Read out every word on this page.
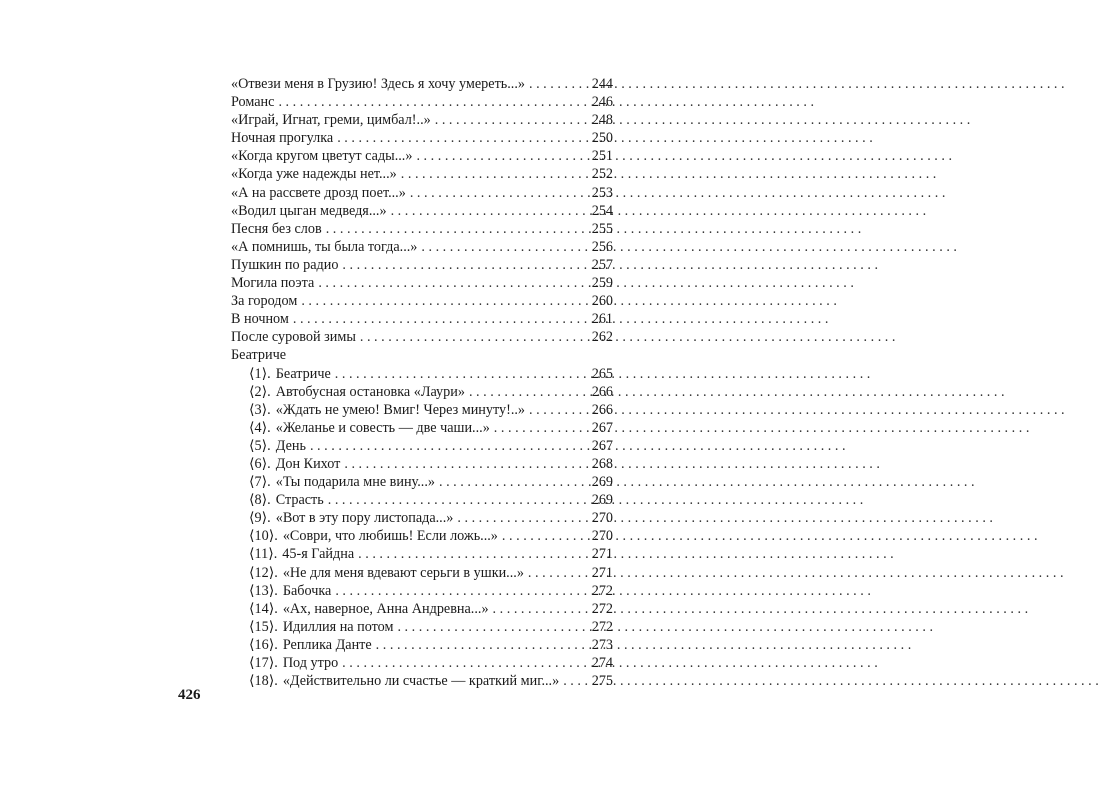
«Отвези меня в Грузию! Здесь я хочу умереть...» . . .	244
Романс . . .	246
«Играй, Игнат, греми, цимбал!..» . . .	248
Ночная прогулка . . .	250
«Когда кругом цветут сады...» . . .	251
«Когда уже надежды нет...» . . .	252
«А на рассвете дрозд поет...» . . .	253
«Водил цыган медведя...» . . .	254
Песня без слов . . .	255
«А помнишь, ты была тогда...» . . .	256
Пушкин по радио . . .	257
Могила поэта . . .	259
За городом . . .	260
В ночном . . .	261
После суровой зимы . . .	262
Беатриче
⟨1⟩. Беатриче . . .	265
⟨2⟩. Автобусная остановка «Лаури» . . .	266
⟨3⟩. «Ждать не умею! Вмиг! Через минуту!..» . . .	266
⟨4⟩. «Желанье и совесть — две чаши...» . . .	267
⟨5⟩. День . . .	267
⟨6⟩. Дон Кихот . . .	268
⟨7⟩. «Ты подарила мне вину...» . . .	269
⟨8⟩. Страсть . . .	269
⟨9⟩. «Вот в эту пору листопада...» . . .	270
⟨10⟩. «Соври, что любишь! Если ложь...» . . .	270
⟨11⟩. 45-я Гайдна . . .	271
⟨12⟩. «Не для меня вдевают серьги в ушки...» . . .	271
⟨13⟩. Бабочка . . .	272
⟨14⟩. «Ах, наверное, Анна Андревна...» . . .	272
⟨15⟩. Идиллия на потом . . .	272
⟨16⟩. Реплика Данте . . .	273
⟨17⟩. Под утро . . .	274
⟨18⟩. «Действительно ли счастье — краткий миг...» . . . 275
426
